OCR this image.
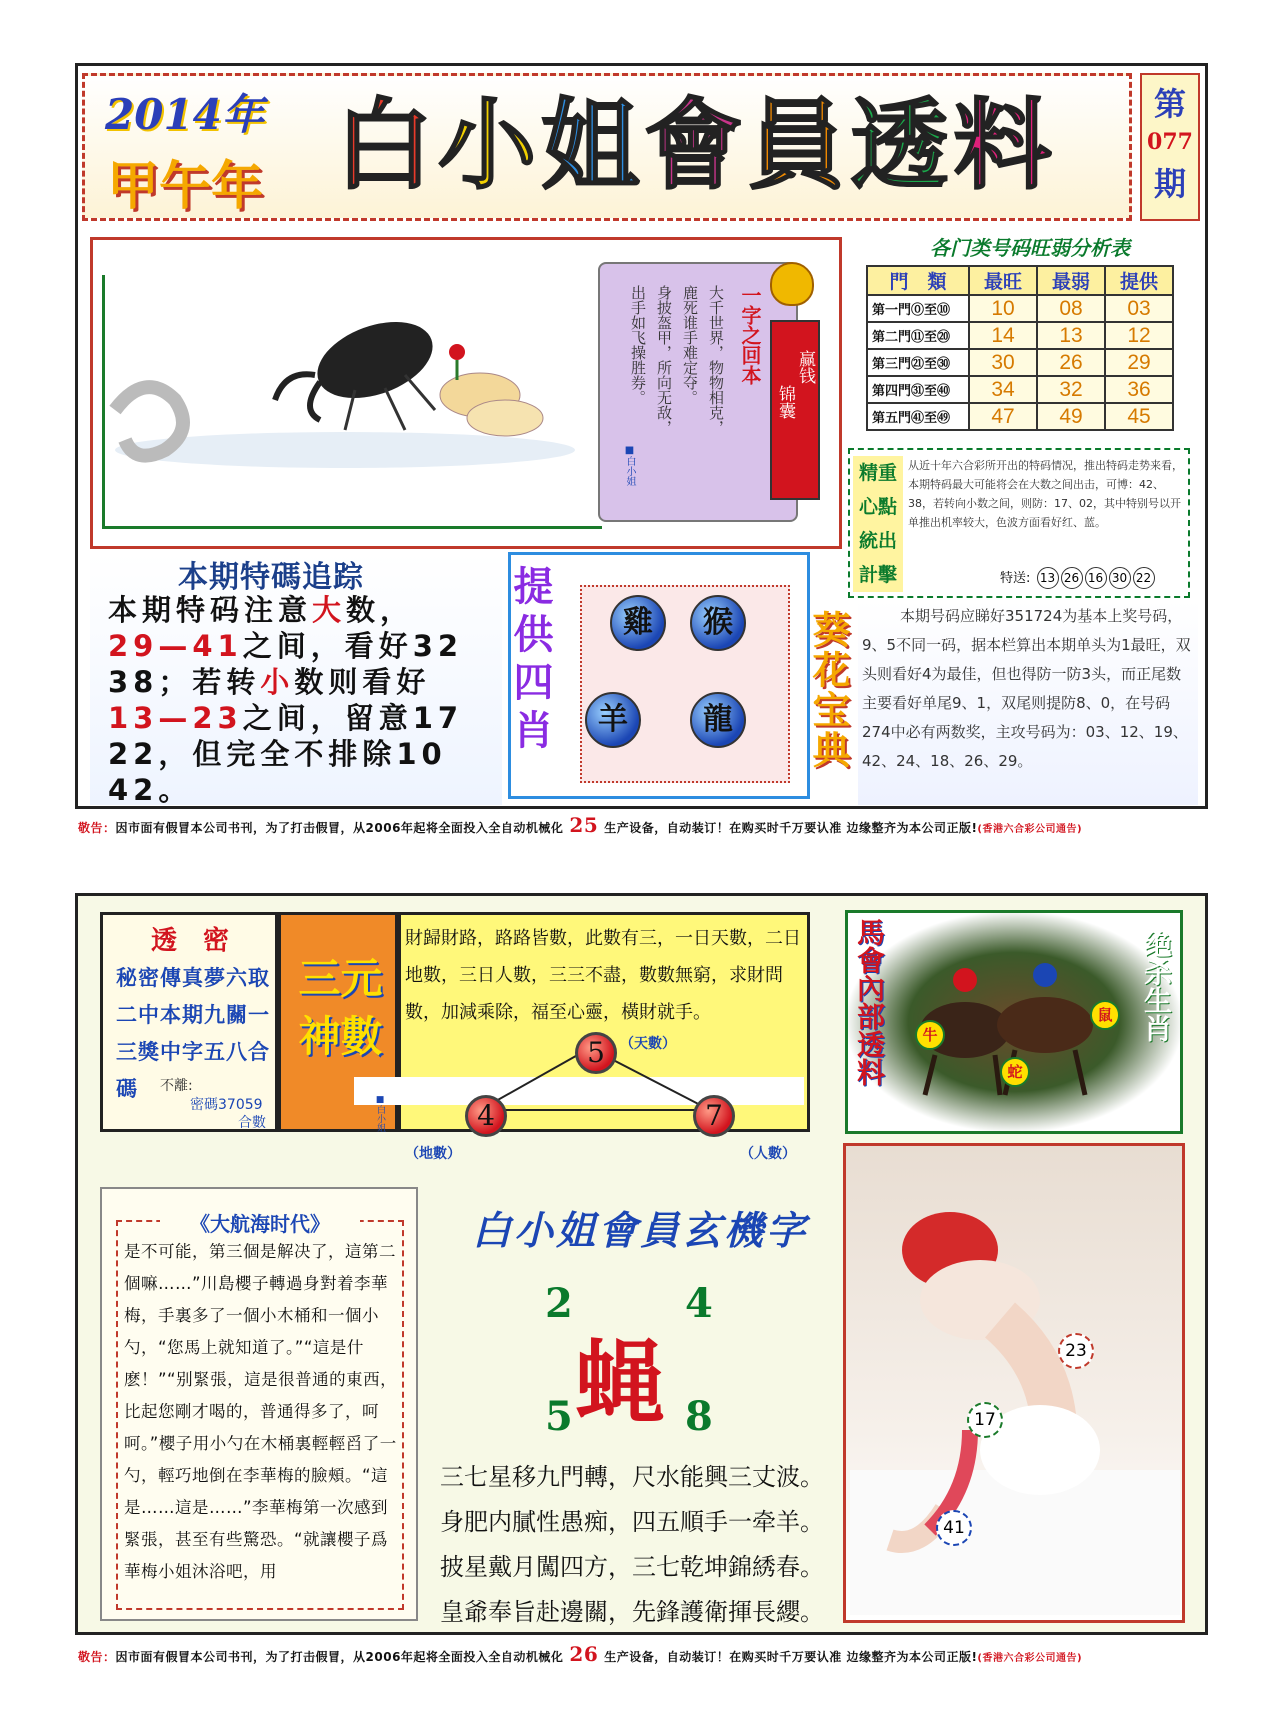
2014年
甲午年 白 小 姐 會 員 透 料	第
077
期
一字之回本
大千世界，物物相克，
鹿死谁手难定夺。
身披盔甲，所向无敌，
出手如飞操胜券。
■白小姐
赢钱
锦囊
各门类号码旺弱分析表
門　類	最旺	最弱	提供
第一門⓪至⑩	10	08	03
第二門⑪至⑳	14	13	12
第三門㉑至㉚	30	26	29
第四門㉛至㊵	34	32	36
第五門㊶至㊾	47	49	45
精重
心點
統出
計擊
从近十年六合彩所开出的特码情况，推出特码走势来看，本期特码最大可能将会在大数之间出击，可博：42、38，若转向小数之间，则防：17、02，其中特别号以开单推出机率较大，色波方面看好红、蓝。
特送: 13 26 16 30 22
本期特碼追踪
本期特码注意大数，
29—41之间，看好32
38；若转小数则看好
13—23之间，留意17
22，但完全不排除10
42。
提供四肖	雞	猴
羊	龍	葵花宝典	本期号码应睇好351724为基本上奖号码，9、5不同一码，据本栏算出本期单头为1最旺，双头则看好4为最佳，但也得防一防3头，而正尾数主要看好单尾9、1，双尾则提防8、0，在号码274中必有两数奖，主攻号码为：03、12、19、42、24、18、26、29。
敬告：因市面有假冒本公司书刊，为了打击假冒，从2006年起将全面投入全自动机械化 25 生产设备，自动装订！在购买时千万要认准 边缘整齐为本公司正版!(香港六合彩公司通告)
透　密
秘密傳真夢六取二中本期九關一三獎中字五八合碼	不離:
密碼37059
合數
三元神數
財歸財路，路路皆數，此數有三，一日天數，二日地數，三日人數，三三不盡，數數無窮，求財問數，加減乘除，福至心靈，橫財就手。
■白小姐
5	（天數）
4
（地數）
7
（人數）
馬會內部透料	绝杀生肖
牛
鼠
蛇
《大航海时代》
是不可能，第三個是解决了，這第二個嘛……”川島櫻子轉過身對着李華梅，手裏多了一個小木桶和一個小勺，“您馬上就知道了。”“這是什麽！”“别緊張，這是很普通的東西，比起您剛才喝的，普通得多了，呵呵。”櫻子用小勺在木桶裏輕輕舀了一勺，輕巧地倒在李華梅的臉頰。“這是……這是……”李華梅第一次感到緊張，甚至有些驚恐。“就讓櫻子爲華梅小姐沐浴吧，用
白小姐會員玄機字
2	4
蝇
5	8
三七星移九門轉，尺水能興三丈波。
身肥内膩性愚痴，四五順手一牵羊。
披星戴月闖四方，三七乾坤錦綉春。
皇爺奉旨赴邊關，先鋒護衛揮長纓。
23
17
41
敬告：因市面有假冒本公司书刊，为了打击假冒，从2006年起将全面投入全自动机械化 26 生产设备，自动装订！在购买时千万要认准 边缘整齐为本公司正版!(香港六合彩公司通告)
